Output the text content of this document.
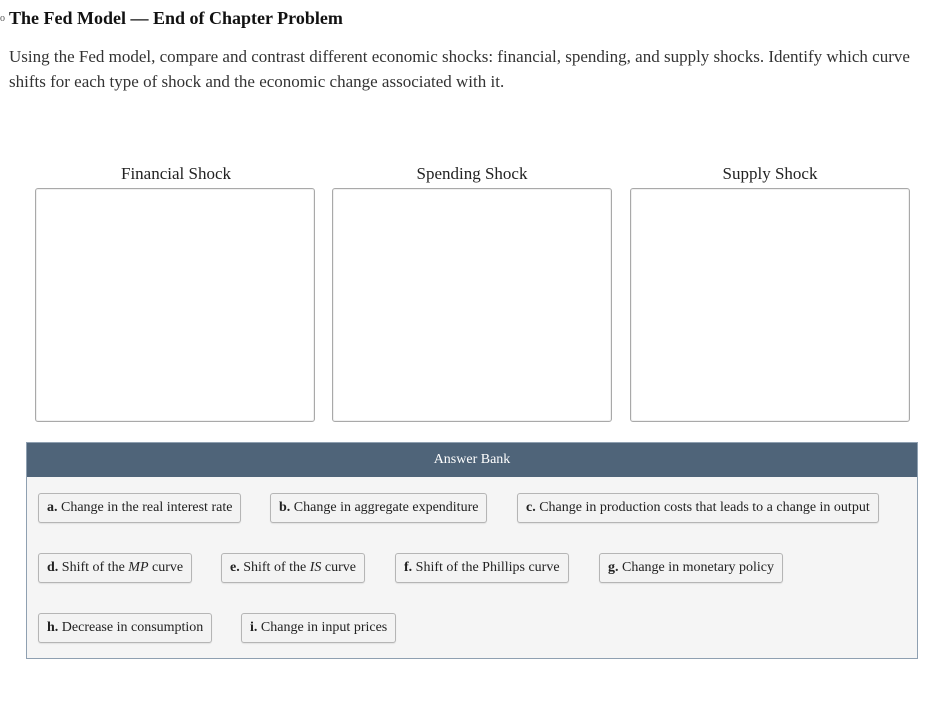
o The Fed Model — End of Chapter Problem
Using the Fed model, compare and contrast different economic shocks: financial, spending, and supply shocks. Identify which curve shifts for each type of shock and the economic change associated with it.
Financial Shock	Spending Shock	Supply Shock
Answer Bank
a. Change in the real interest rate	b. Change in aggregate expenditure	c. Change in production costs that leads to a change in output
d. Shift of the MP curve	e. Shift of the IS curve	f. Shift of the Phillips curve	g. Change in monetary policy
h. Decrease in consumption	i. Change in input prices
